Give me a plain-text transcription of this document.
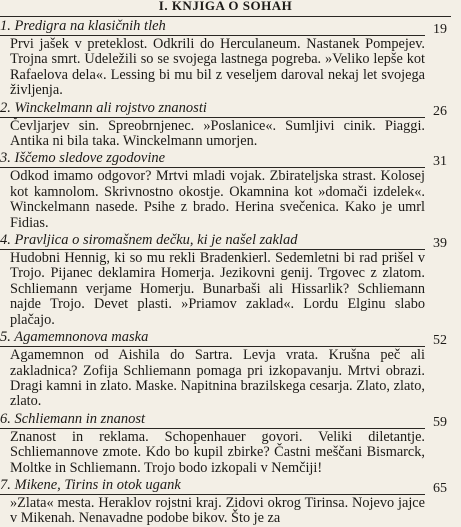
I. KNJIGA O SOHAH
1. Predigra na klasičnih tleh	19

Prvi jašek v preteklost. Odkrili do Herculaneum. Nastanek Pompejev. Trojna smrt. Udeležili so se svojega lastnega pogreba. »Veliko lepše kot Rafaelova dela«. Lessing bi mu bil z veseljem daroval nekaj let svojega življenja.

2. Winckelmann ali rojstvo znanosti	26

Čevljarjev sin. Spreobrnjenec. »Poslanice«. Sumljivi cinik. Piaggi. Antika ni bila taka. Winckelmann umorjen.

3. Iščemo sledove zgodovine	31

Odkod imamo odgovor? Mrtvi mladi vojak. Zbirateljska strast. Kolosej kot kamnolom. Skrivnostno okostje. Okamnina kot »domači izdelek«. Winckelmann nasede. Psihe z brado. Herina svečenica. Kako je umrl Fidias.

4. Pravljica o siromašnem dečku, ki je našel zaklad	39

Hudobni Hennig, ki so mu rekli Bradenkierl. Sedemletni bi rad prišel v Trojo. Pijanec deklamira Homerja. Jezikovni genij. Trgovec z zlatom. Schliemann verjame Homerju. Bunarbaši ali Hissarlik? Schliemann najde Trojo. Devet plasti. »Priamov zaklad«. Lordu Elginu slabo plačajo.

5. Agamemnonova maska	52

Agamemnon od Aishila do Sartra. Levja vrata. Krušna peč ali zakladnica? Zofija Schliemann pomaga pri izkopavanju. Mrtvi obrazi. Dragi kamni in zlato. Maske. Napitnina brazilskega cesarja. Zlato, zlato, zlato.

6. Schliemann in znanost	59

Znanost in reklama. Schopenhauer govori. Veliki diletantje. Schliemannove zmote. Kdo bo kupil zbirke? Častni meščani Bismarck, Moltke in Schliemann. Trojo bodo izkopali v Nemčiji!

7. Mikene, Tirins in otok ugank	65

»Zlata« mesta. Heraklov rojstni kraj. Zidovi okrog Tirinsa. Nojevo jajce v Mikenah. Nenavadne podobe bikov. Što je za
